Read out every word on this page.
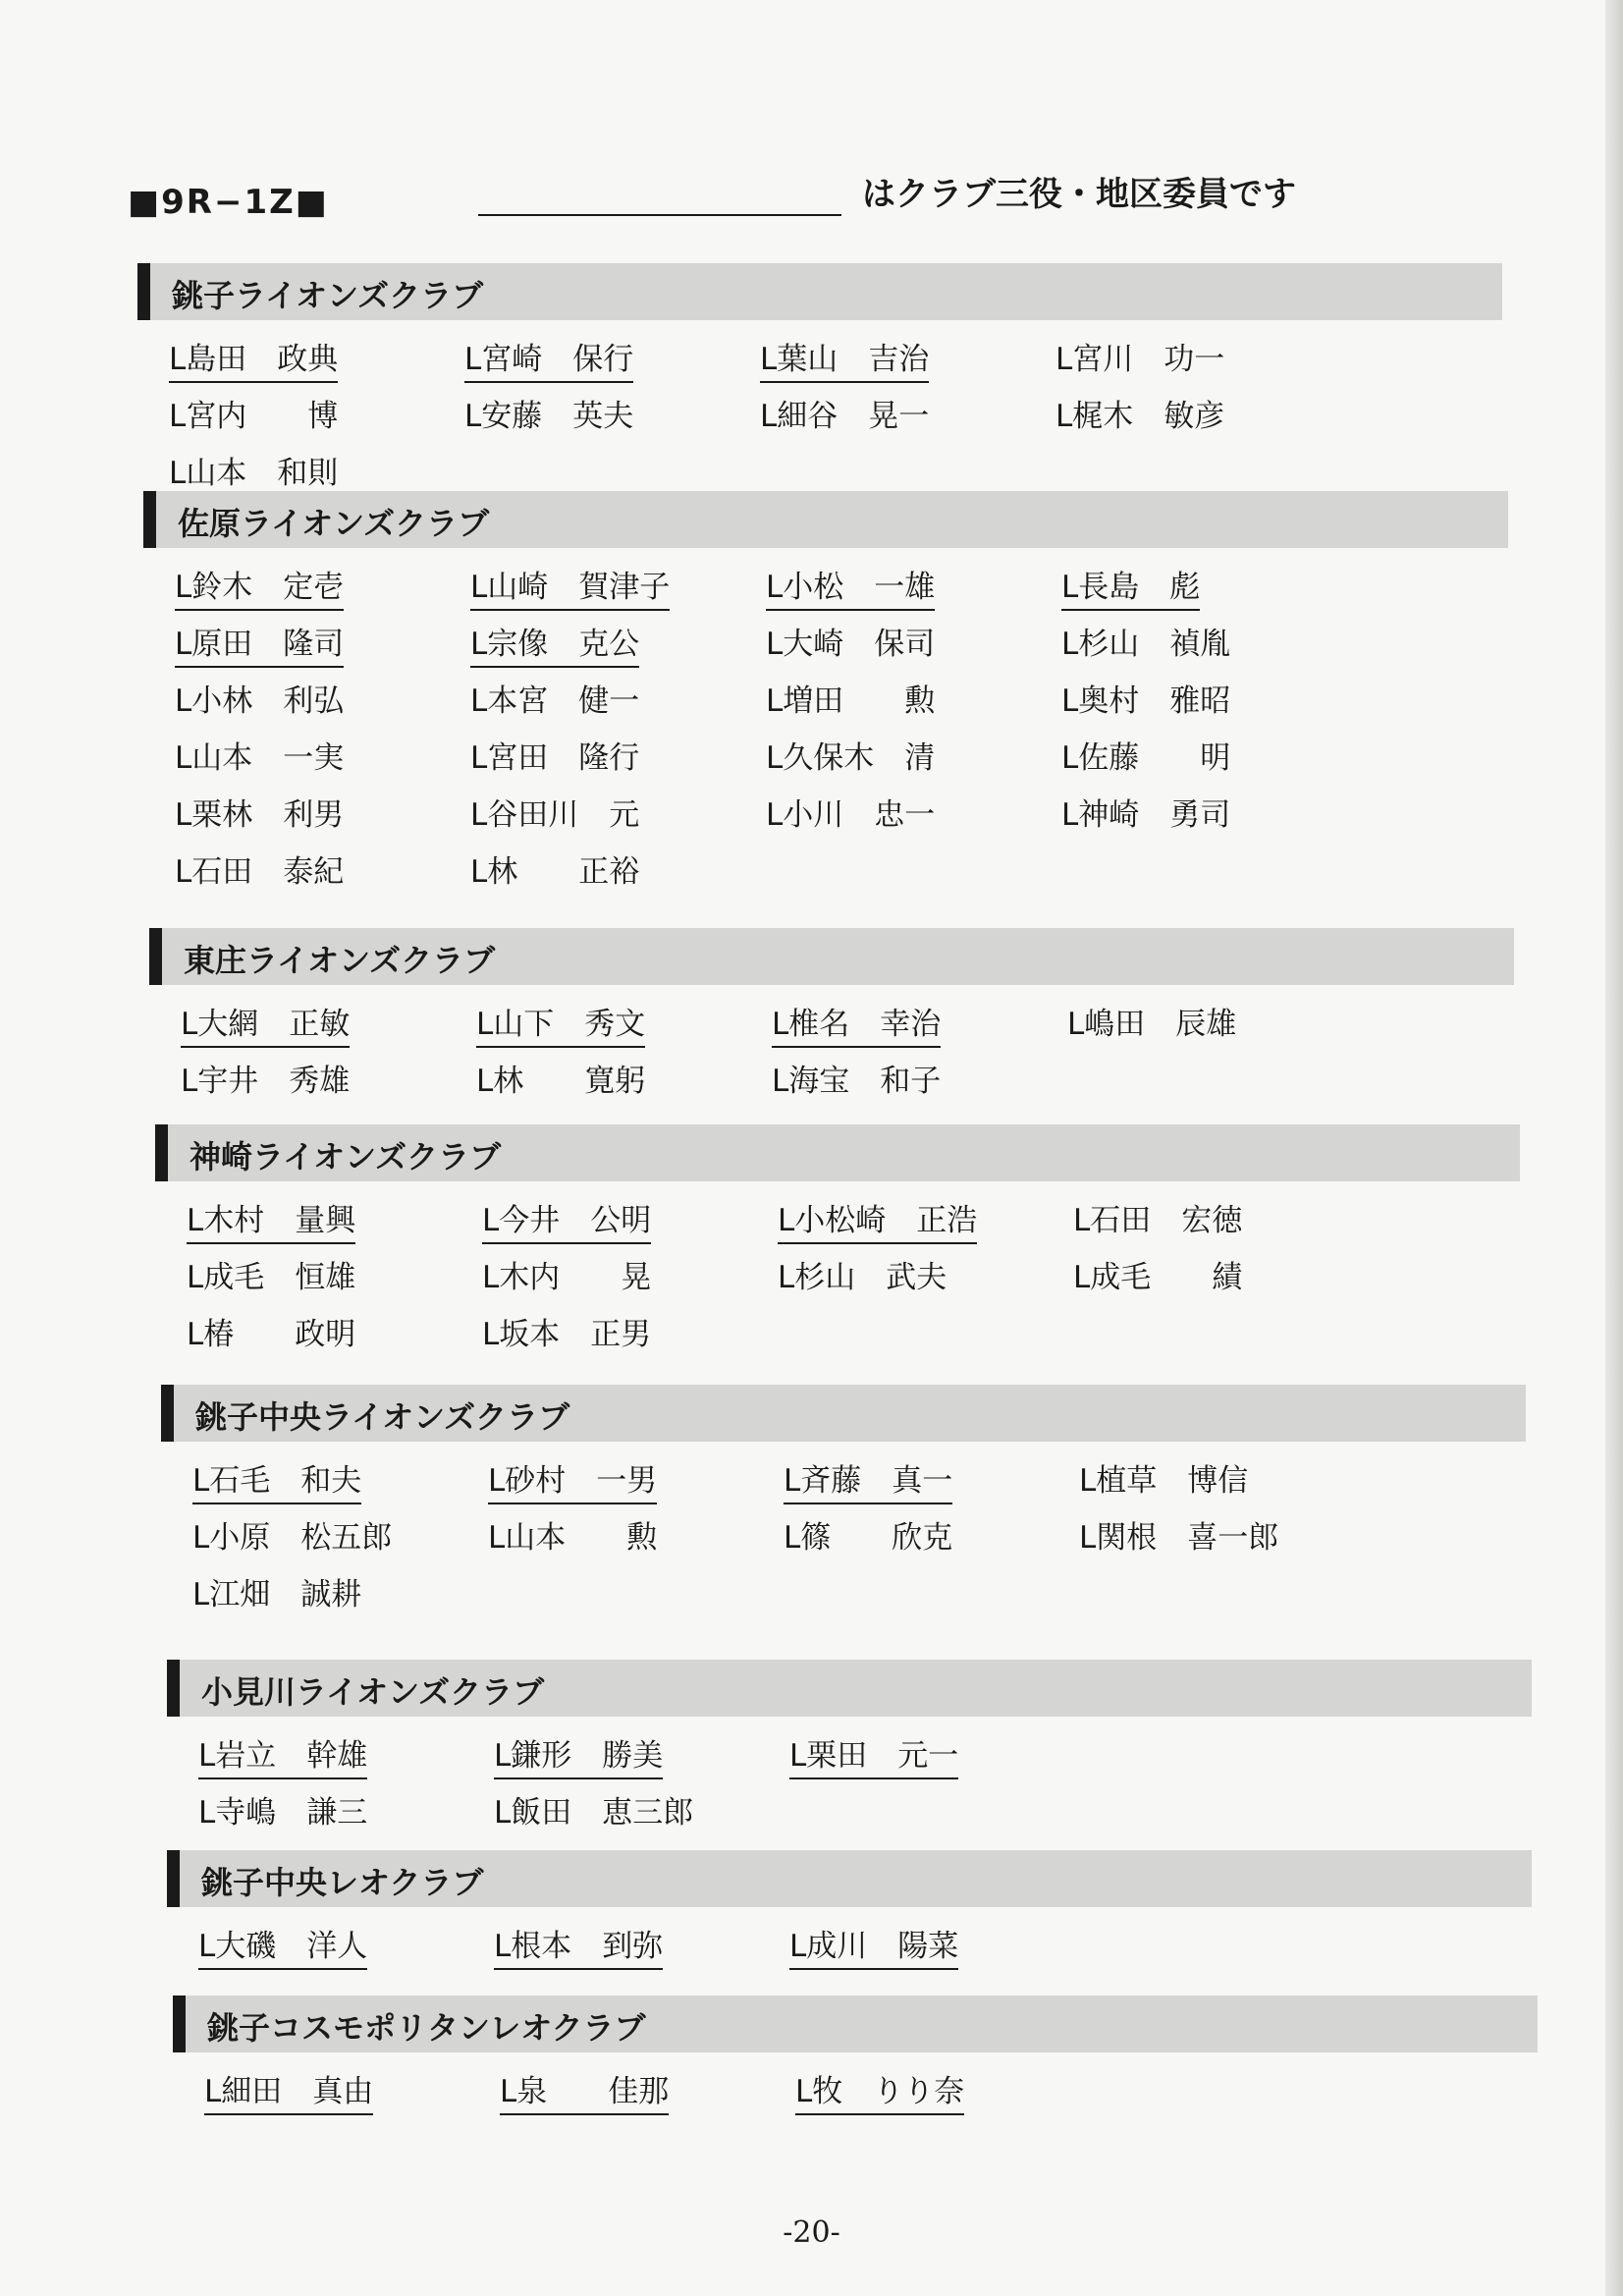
■9R−1Z■	はクラブ三役・地区委員です
銚子ライオンズクラブ
L島田　政典	L宮崎　保行	L葉山　吉治	L宮川　功一
L宮内　　博	L安藤　英夫	L細谷　晃一	L梶木　敏彦
L山本　和則
佐原ライオンズクラブ
L鈴木　定壱	L山崎　賀津子	L小松　一雄	L長島　彪
L原田　隆司	L宗像　克公	L大崎　保司	L杉山　禎胤
L小林　利弘	L本宮　健一	L増田　　勲	L奥村　雅昭
L山本　一実	L宮田　隆行	L久保木　清	L佐藤　　明
L栗林　利男	L谷田川　元	L小川　忠一	L神崎　勇司
L石田　泰紀	L林　　正裕
東庄ライオンズクラブ
L大網　正敏	L山下　秀文	L椎名　幸治	L嶋田　辰雄
L宇井　秀雄	L林　　寛躬	L海宝　和子
神崎ライオンズクラブ
L木村　量興	L今井　公明	L小松崎　正浩	L石田　宏徳
L成毛　恒雄	L木内　　晃	L杉山　武夫	L成毛　　績
L椿　　政明	L坂本　正男
銚子中央ライオンズクラブ
L石毛　和夫	L砂村　一男	L斉藤　真一	L植草　博信
L小原　松五郎	L山本　　勲	L篠　　欣克	L関根　喜一郎
L江畑　誠耕
小見川ライオンズクラブ
L岩立　幹雄	L鎌形　勝美	L栗田　元一
L寺嶋　謙三	L飯田　恵三郎
銚子中央レオクラブ
L大磯　洋人	L根本　到弥	L成川　陽菜
銚子コスモポリタンレオクラブ
L細田　真由	L泉　　佳那	L牧　りり奈
-20-
